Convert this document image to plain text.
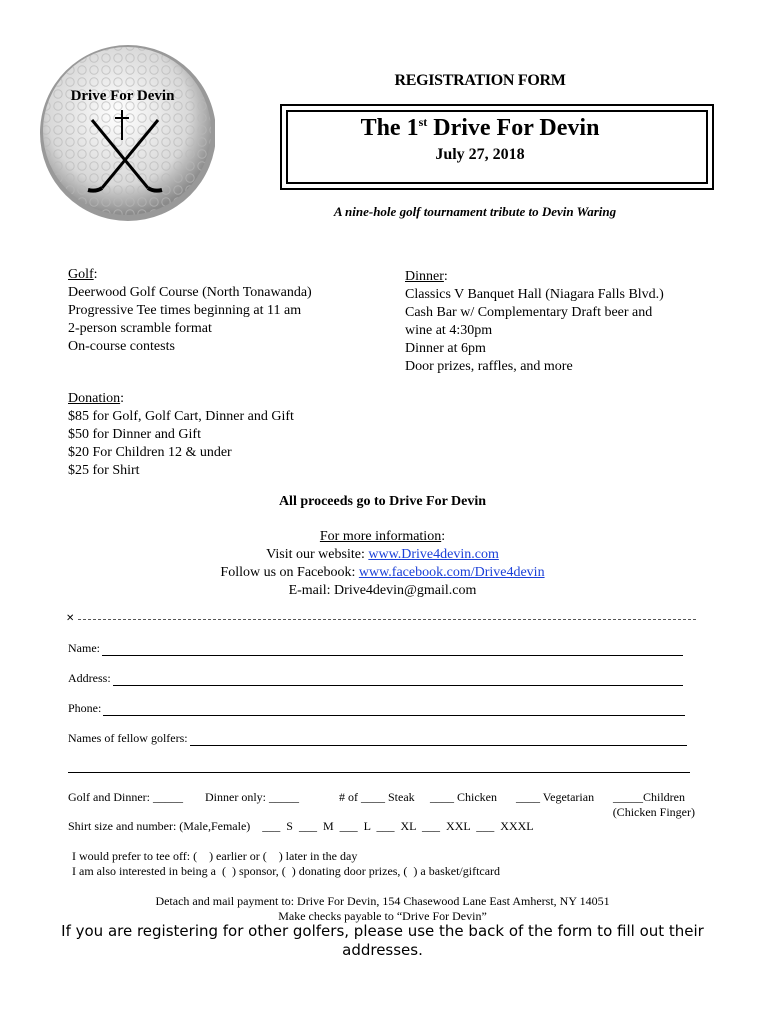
Drive For Devin
REGISTRATION FORM
The 1st Drive For Devin
July 27, 2018
A nine-hole golf tournament tribute to Devin Waring
Golf:
Deerwood Golf Course (North Tonawanda)
Progressive Tee times beginning at 11 am
2-person scramble format
On-course contests
Dinner:
Classics V Banquet Hall (Niagara Falls Blvd.)
Cash Bar w/ Complementary Draft beer and
wine at 4:30pm
Dinner at 6pm
Door prizes, raffles, and more
Donation:
$85 for Golf, Golf Cart, Dinner and Gift
$50 for Dinner and Gift
$20 For Children 12 & under
$25 for Shirt
All proceeds go to Drive For Devin
For more information:
Visit our website: www.Drive4devin.com
Follow us on Facebook: www.facebook.com/Drive4devin
E-mail: Drive4devin@gmail.com
✕
Name:
Address:
Phone:
Names of fellow golfers:
Golf and Dinner: _____ Dinner only: _____	# of ____ Steak ____ Chicken ____ Vegetarian _____Children
(Chicken Finger)
Shirt size and number: (Male,Female)    ___  S  ___  M  ___  L  ___  XL  ___  XXL  ___  XXXL
I would prefer to tee off: (    ) earlier or (    ) later in the day
I am also interested in being a  (  ) sponsor, (  ) donating door prizes, (  ) a basket/giftcard
Detach and mail payment to: Drive For Devin, 154 Chasewood Lane East Amherst, NY 14051
Make checks payable to “Drive For Devin”
If you are registering for other golfers, please use the back of the form to fill out their addresses.
